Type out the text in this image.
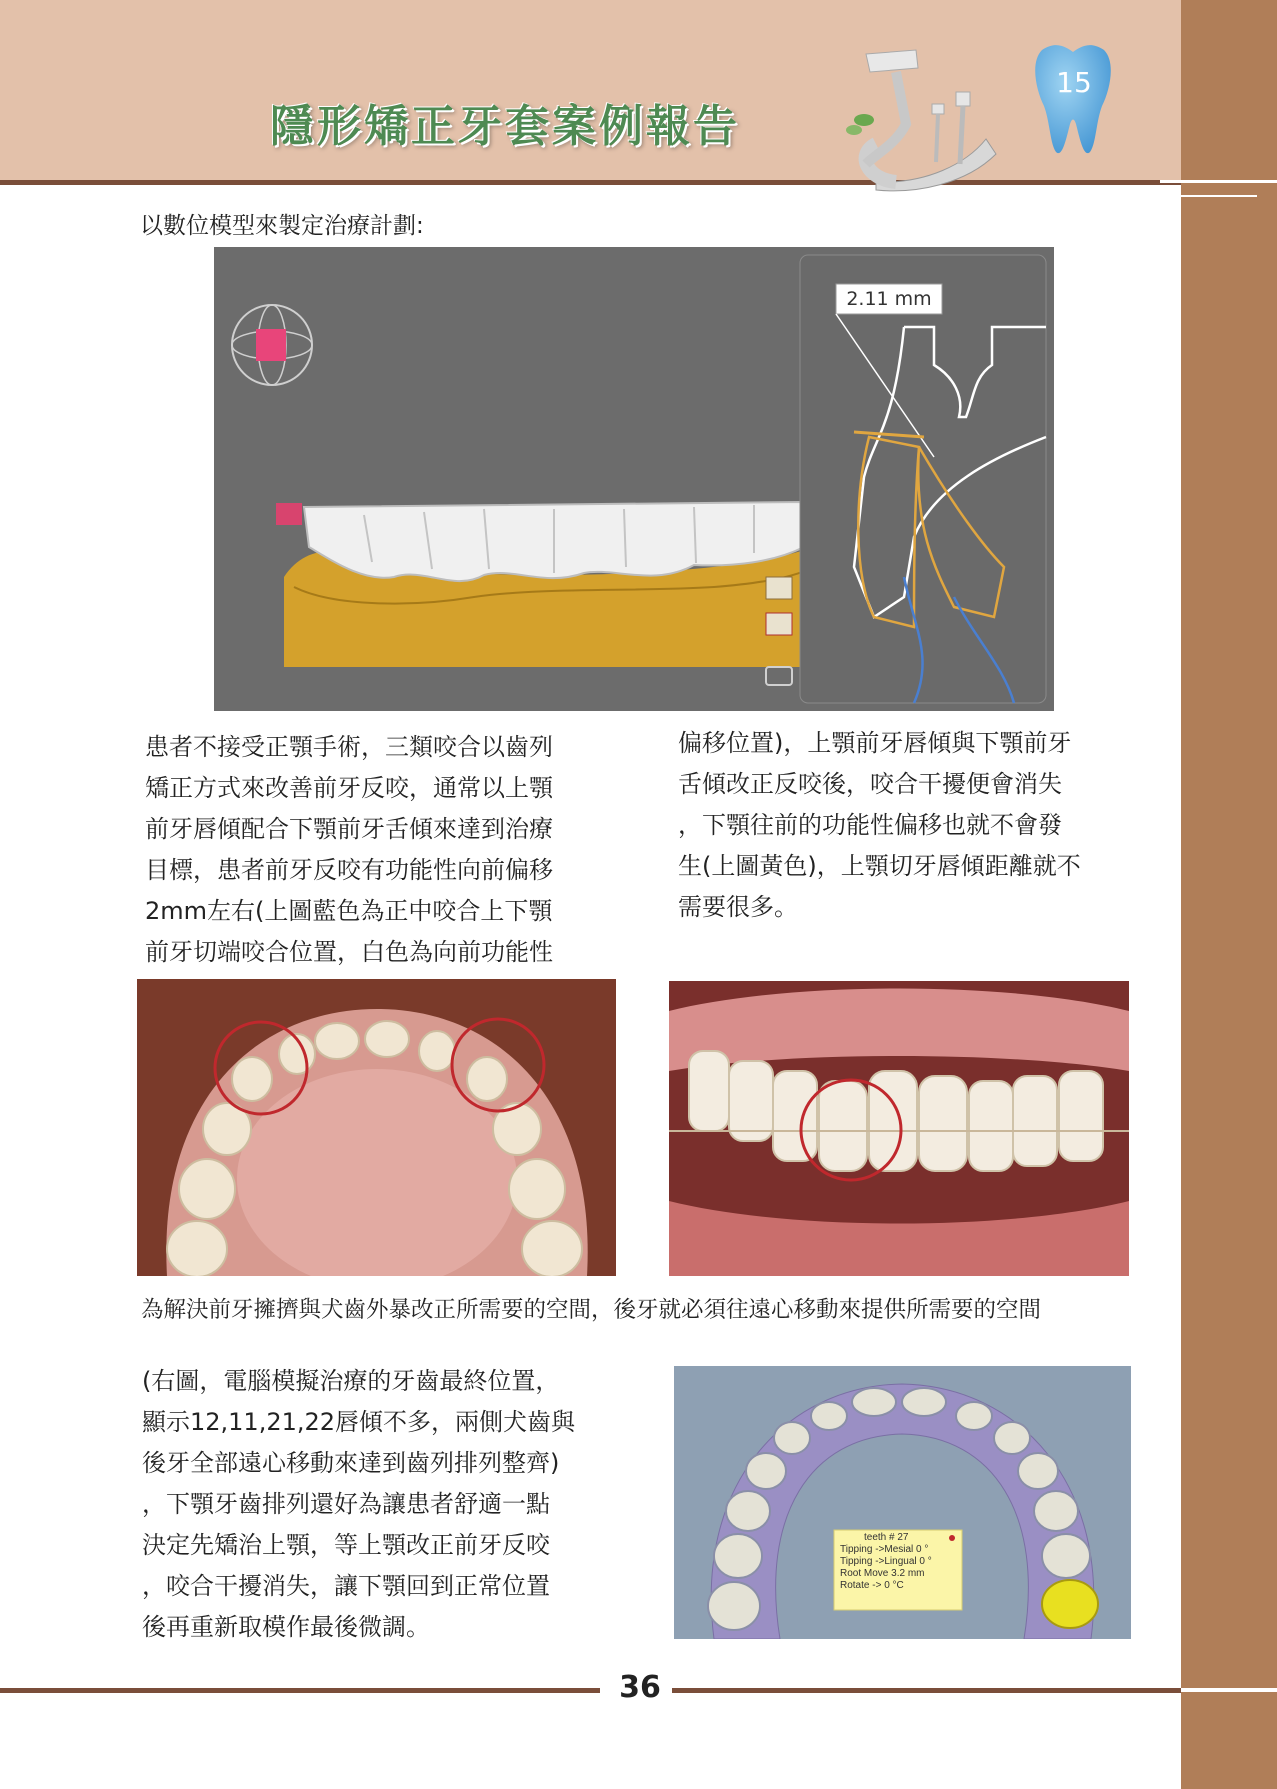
隱形矯正牙套案例報告
15
以數位模型來製定治療計劃:
2.11 mm
患者不接受正顎手術，三類咬合以齒列
矯正方式來改善前牙反咬，通常以上顎
前牙唇傾配合下顎前牙舌傾來達到治療
目標，患者前牙反咬有功能性向前偏移
2mm左右(上圖藍色為正中咬合上下顎
前牙切端咬合位置，白色為向前功能性
偏移位置)，上顎前牙唇傾與下顎前牙
舌傾改正反咬後，咬合干擾便會消失
，下顎往前的功能性偏移也就不會發
生(上圖黃色)，上顎切牙唇傾距離就不
需要很多。
為解決前牙擁擠與犬齒外暴改正所需要的空間，後牙就必須往遠心移動來提供所需要的空間
(右圖，電腦模擬治療的牙齒最終位置，
顯示12,11,21,22唇傾不多，兩側犬齒與
後牙全部遠心移動來達到齒列排列整齊)
，下顎牙齒排列還好為讓患者舒適一點
決定先矯治上顎，等上顎改正前牙反咬
，咬合干擾消失，讓下顎回到正常位置
後再重新取模作最後微調。
teeth # 27
Tipping ->Mesial 0 °
Tipping ->Lingual 0 °
Root Move 3.2 mm
Rotate -> 0 °C
36
